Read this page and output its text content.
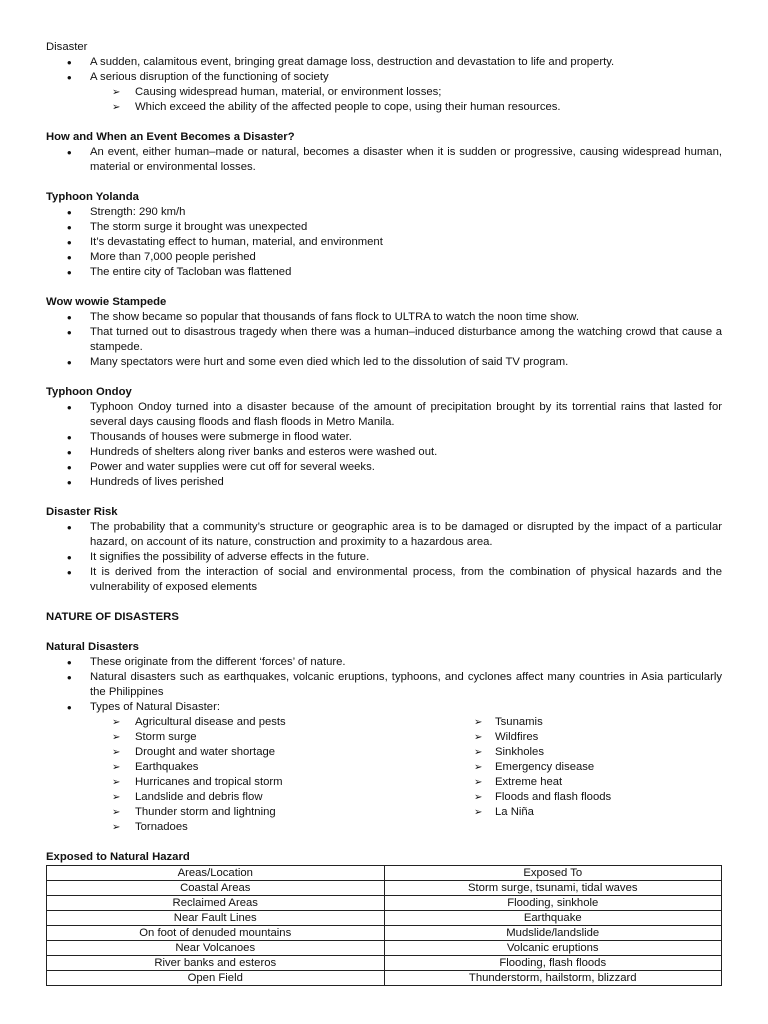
Disaster
• A sudden, calamitous event, bringing great damage loss, destruction and devastation to life and property.
• A serious disruption of the functioning of society
➢ Causing widespread human, material, or environment losses;
➢ Which exceed the ability of the affected people to cope, using their human resources.
How and When an Event Becomes a Disaster?
• An event, either human–made or natural, becomes a disaster when it is sudden or progressive, causing widespread human, material or environmental losses.
Typhoon Yolanda
• Strength: 290 km/h
• The storm surge it brought was unexpected
• It’s devastating effect to human, material, and environment
• More than 7,000 people perished
• The entire city of Tacloban was flattened
Wow wowie Stampede
• The show became so popular that thousands of fans flock to ULTRA to watch the noon time show.
• That turned out to disastrous tragedy when there was a human–induced disturbance among the watching crowd that cause a stampede.
• Many spectators were hurt and some even died which led to the dissolution of said TV program.
Typhoon Ondoy
• Typhoon Ondoy turned into a disaster because of the amount of precipitation brought by its torrential rains that lasted for several days causing floods and flash floods in Metro Manila.
• Thousands of houses were submerge in flood water.
• Hundreds of shelters along river banks and esteros were washed out.
• Power and water supplies were cut off for several weeks.
• Hundreds of lives perished
Disaster Risk
• The probability that a community’s structure or geographic area is to be damaged or disrupted by the impact of a particular hazard, on account of its nature, construction and proximity to a hazardous area.
• It signifies the possibility of adverse effects in the future.
• It is derived from the interaction of social and environmental process, from the combination of physical hazards and the vulnerability of exposed elements
NATURE OF DISASTERS
Natural Disasters
• These originate from the different ‘forces’ of nature.
• Natural disasters such as earthquakes, volcanic eruptions, typhoons, and cyclones affect many countries in Asia particularly the Philippines
• Types of Natural Disaster:
➢ Agricultural disease and pests
➢ Storm surge
➢ Drought and water shortage
➢ Earthquakes
➢ Hurricanes and tropical storm
➢ Landslide and debris flow
➢ Thunder storm and lightning
➢ Tornadoes
➢ Tsunamis
➢ Wildfires
➢ Sinkholes
➢ Emergency disease
➢ Extreme heat
➢ Floods and flash floods
➢ La Niña
Exposed to Natural Hazard
Areas/Location	Exposed To
Coastal Areas	Storm surge, tsunami, tidal waves
Reclaimed Areas	Flooding, sinkhole
Near Fault Lines	Earthquake
On foot of denuded mountains	Mudslide/landslide
Near Volcanoes	Volcanic eruptions
River banks and esteros	Flooding, flash floods
Open Field	Thunderstorm, hailstorm, blizzard
